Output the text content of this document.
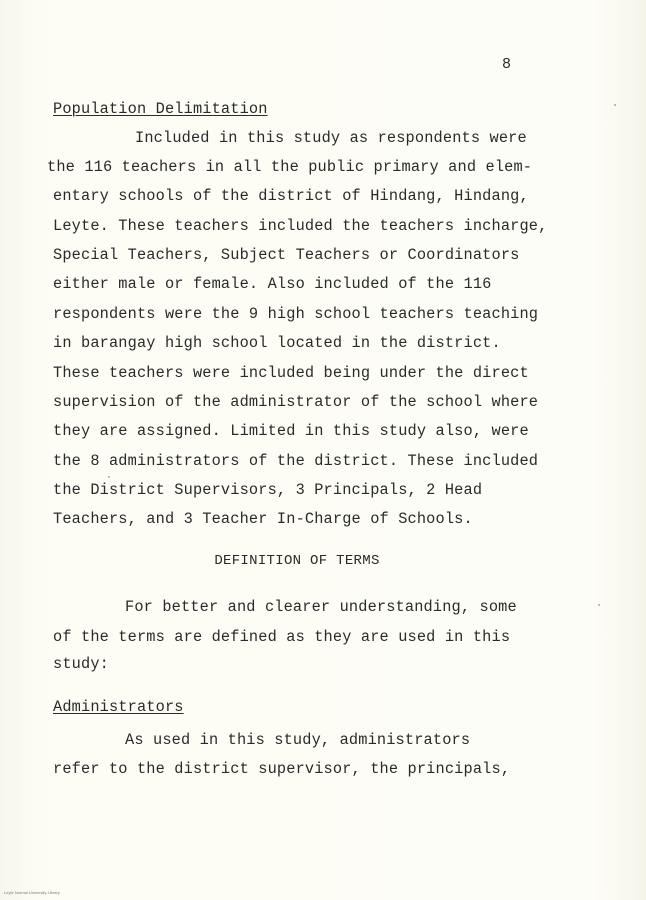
8
Population Delimitation
Included in this study as respondents were
the 116 teachers in all the public primary and elem-
entary schools of the district of Hindang, Hindang,
Leyte. These teachers included the teachers incharge,
Special Teachers, Subject Teachers or Coordinators
either male or female. Also included of the 116
respondents were the 9 high school teachers teaching
in barangay high school located in the district.
These teachers were included being under the direct
supervision of the administrator of the school where
they are assigned. Limited in this study also, were
the 8 administrators of the district. These included
the District Supervisors, 3 Principals, 2 Head
Teachers, and 3 Teacher In-Charge of Schools.
DEFINITION OF TERMS
For better and clearer understanding, some
of the terms are defined as they are used in this
study:
Administrators
As used in this study, administrators
refer to the district supervisor, the principals,
Leyte Normal University Library
